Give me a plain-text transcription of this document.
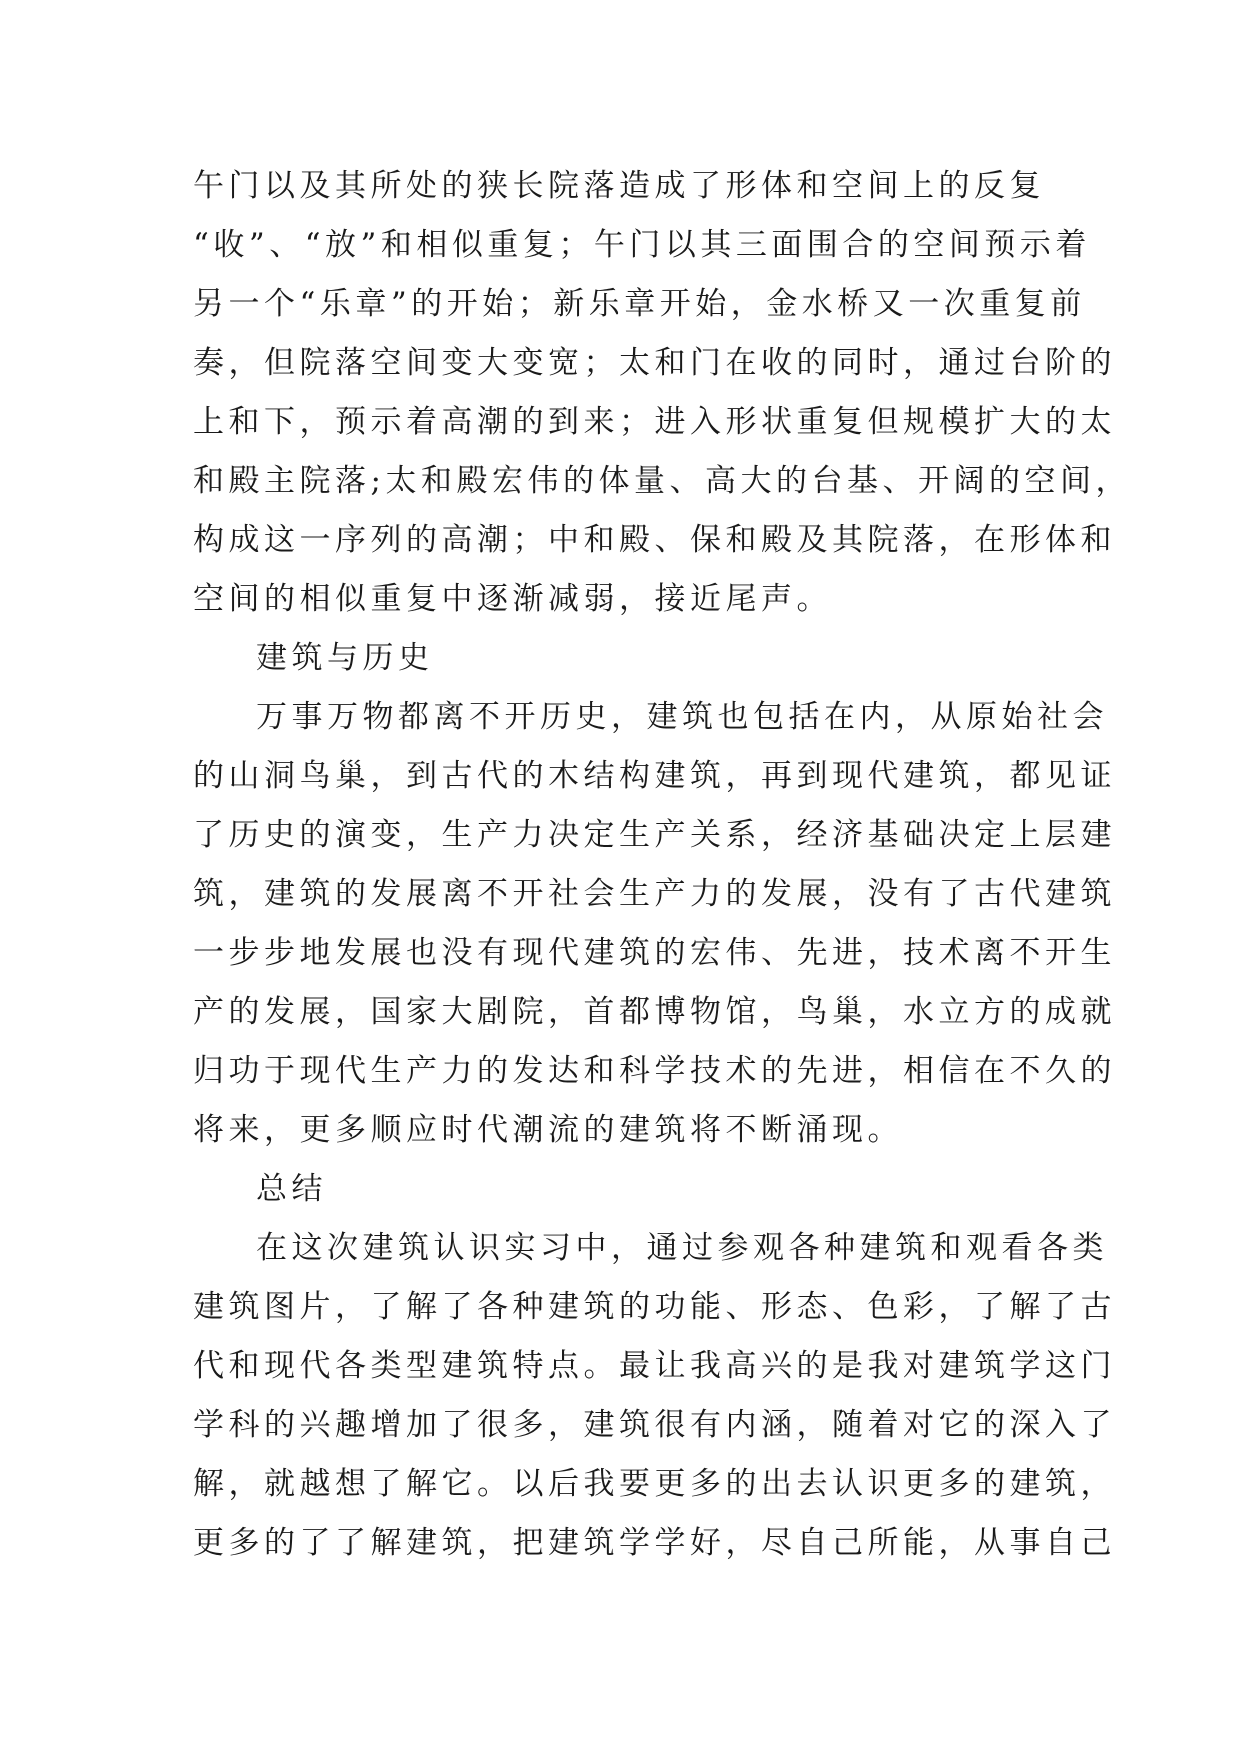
午门以及其所处的狭长院落造成了形体和空间上的反复
“收”、“放”和相似重复；午门以其三面围合的空间预示着
另一个“乐章”的开始；新乐章开始，金水桥又一次重复前
奏，但院落空间变大变宽；太和门在收的同时，通过台阶的
上和下，预示着高潮的到来；进入形状重复但规模扩大的太
和殿主院落;太和殿宏伟的体量、高大的台基、开阔的空间，
构成这一序列的高潮；中和殿、保和殿及其院落，在形体和
空间的相似重复中逐渐减弱，接近尾声。
建筑与历史
万事万物都离不开历史，建筑也包括在内，从原始社会
的山洞鸟巢，到古代的木结构建筑，再到现代建筑，都见证
了历史的演变，生产力决定生产关系，经济基础决定上层建
筑，建筑的发展离不开社会生产力的发展，没有了古代建筑
一步步地发展也没有现代建筑的宏伟、先进，技术离不开生
产的发展，国家大剧院，首都博物馆，鸟巢，水立方的成就
归功于现代生产力的发达和科学技术的先进，相信在不久的
将来，更多顺应时代潮流的建筑将不断涌现。
总结
在这次建筑认识实习中，通过参观各种建筑和观看各类
建筑图片，了解了各种建筑的功能、形态、色彩，了解了古
代和现代各类型建筑特点。最让我高兴的是我对建筑学这门
学科的兴趣增加了很多，建筑很有内涵，随着对它的深入了
解，就越想了解它。以后我要更多的出去认识更多的建筑，
更多的了了解建筑，把建筑学学好，尽自己所能，从事自己
